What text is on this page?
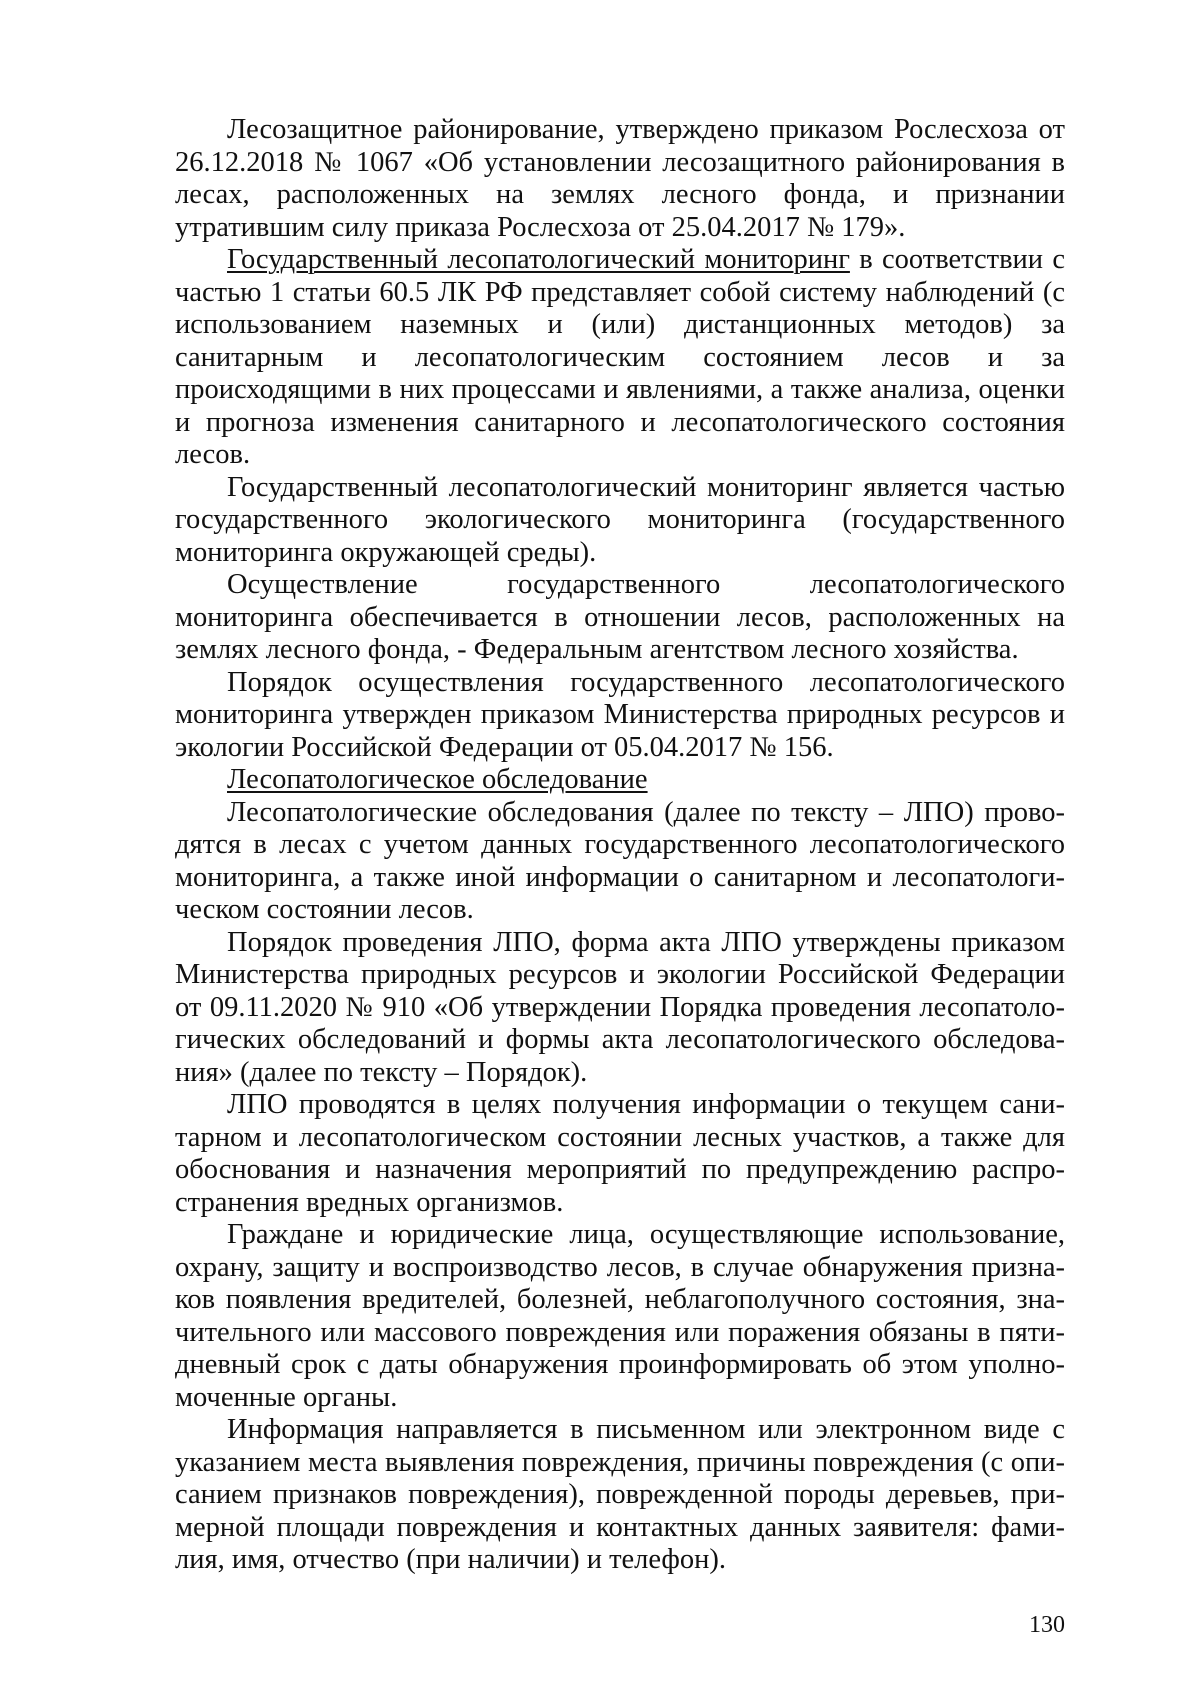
Лесозащитное районирование, утверждено приказом Рослесхоза от 26.12.2018 № 1067 «Об установлении лесозащитного районирования в лесах, расположенных на землях лесного фонда, и признании утратившим силу приказа Рослесхоза от 25.04.2017 № 179».

Государственный лесопатологический мониторинг в соответствии с частью 1 статьи 60.5 ЛК РФ представляет собой систему наблюдений (с использованием наземных и (или) дистанционных методов) за санитарным и лесопатологическим состоянием лесов и за происходящими в них процессами и явлениями, а также анализа, оценки и прогноза изменения санитарного и лесопатологического состояния лесов.

Государственный лесопатологический мониторинг является частью государственного экологического мониторинга (государственного мониторинга окружающей среды).

Осуществление государственного лесопатологического мониторинга обеспечивается в отношении лесов, расположенных на землях лесного фонда, - Федеральным агентством лесного хозяйства.

Порядок осуществления государственного лесопатологического мониторинга утвержден приказом Министерства природных ресурсов и экологии Российской Федерации от 05.04.2017 № 156.

Лесопатологическое обследование

Лесопатологические обследования (далее по тексту – ЛПО) проводятся в лесах с учетом данных государственного лесопатологического мониторинга, а также иной информации о санитарном и лесопатологическом состоянии лесов.

Порядок проведения ЛПО, форма акта ЛПО утверждены приказом Министерства природных ресурсов и экологии Российской Федерации от 09.11.2020 № 910 «Об утверждении Порядка проведения лесопатологических обследований и формы акта лесопатологического обследования» (далее по тексту – Порядок).

ЛПО проводятся в целях получения информации о текущем санитарном и лесопатологическом состоянии лесных участков, а также для обоснования и назначения мероприятий по предупреждению распространения вредных организмов.

Граждане и юридические лица, осуществляющие использование, охрану, защиту и воспроизводство лесов, в случае обнаружения признаков появления вредителей, болезней, неблагополучного состояния, значительного или массового повреждения или поражения обязаны в пятидневный срок с даты обнаружения проинформировать об этом уполномоченные органы.

Информация направляется в письменном или электронном виде с указанием места выявления повреждения, причины повреждения (с описанием признаков повреждения), поврежденной породы деревьев, примерной площади повреждения и контактных данных заявителя: фамилия, имя, отчество (при наличии) и телефон).

130
